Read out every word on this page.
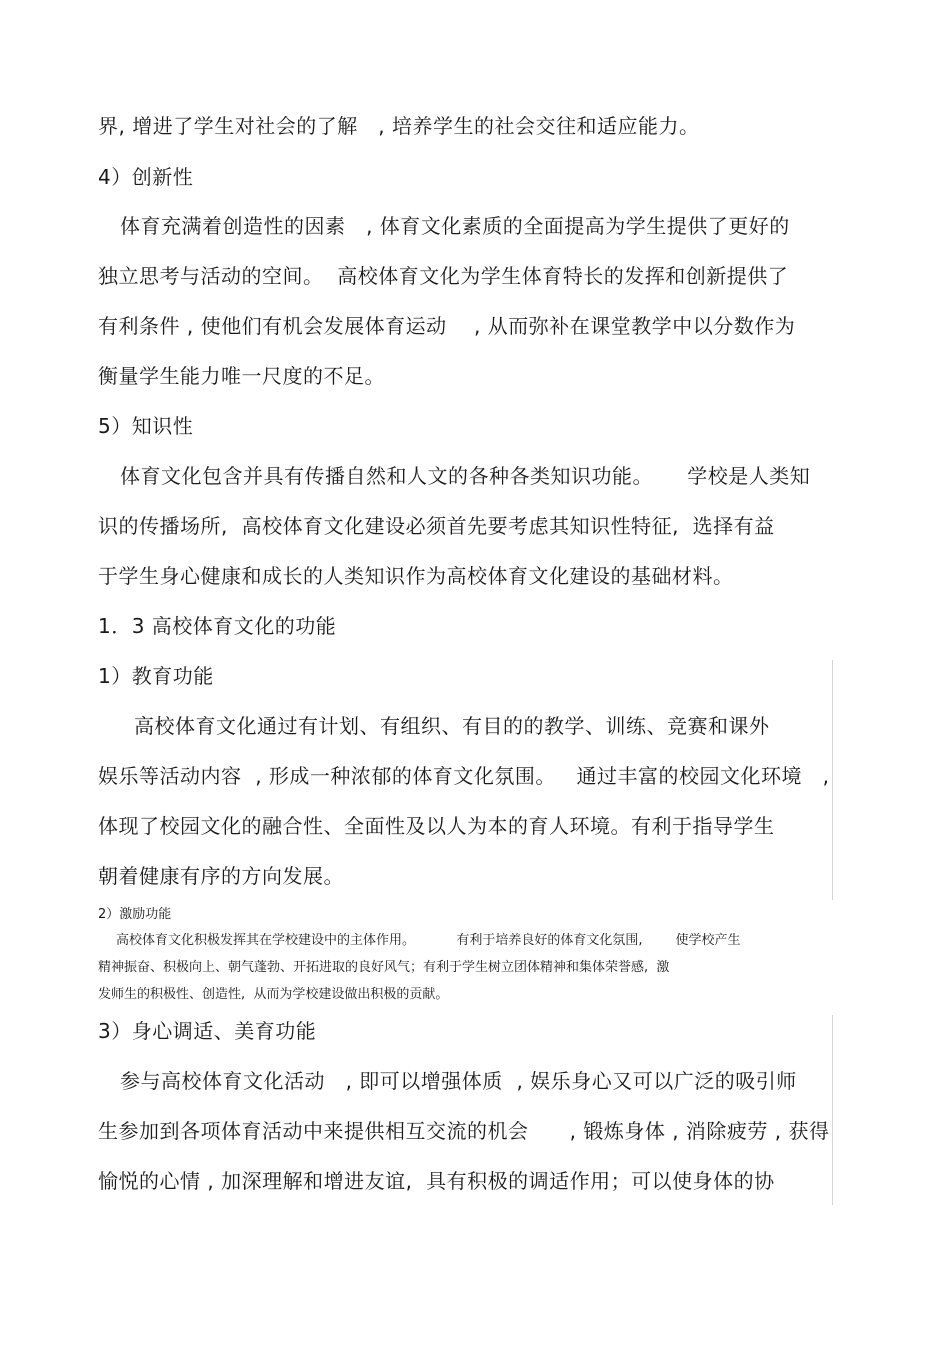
界, 增进了学生对社会的了解   , 培养学生的社会交往和适应能力。
4）创新性
体育充满着创造性的因素   , 体育文化素质的全面提高为学生提供了更好的
独立思考与活动的空间。  高校体育文化为学生体育特长的发挥和创新提供了
有利条件 , 使他们有机会发展体育运动    , 从而弥补在课堂教学中以分数作为
衡量学生能力唯一尺度的不足。
5）知识性
体育文化包含并具有传播自然和人文的各种各类知识功能。     学校是人类知
识的传播场所,  高校体育文化建设必须首先要考虑其知识性特征,  选择有益
于学生身心健康和成长的人类知识作为高校体育文化建设的基础材料。
1．3 高校体育文化的功能
1）教育功能
高校体育文化通过有计划、有组织、有目的的教学、训练、竞赛和课外
娱乐等活动内容  , 形成一种浓郁的体育文化氛围。   通过丰富的校园文化环境   ,
体现了校园文化的融合性、全面性及以人为本的育人环境。有利于指导学生
朝着健康有序的方向发展。
2）激励功能
高校体育文化积极发挥其在学校建设中的主体作用。          有利于培养良好的体育文化氛围,        使学校产生
精神振奋、积极向上、朝气蓬勃、开拓进取的良好风气；有利于学生树立团体精神和集体荣誉感,  激
发师生的积极性、创造性,  从而为学校建设做出积极的贡献。
3）身心调适、美育功能
参与高校体育文化活动   , 即可以增强体质  , 娱乐身心又可以广泛的吸引师
生参加到各项体育活动中来提供相互交流的机会      , 锻炼身体 , 消除疲劳 , 获得
愉悦的心情 , 加深理解和增进友谊,  具有积极的调适作用；可以使身体的协
